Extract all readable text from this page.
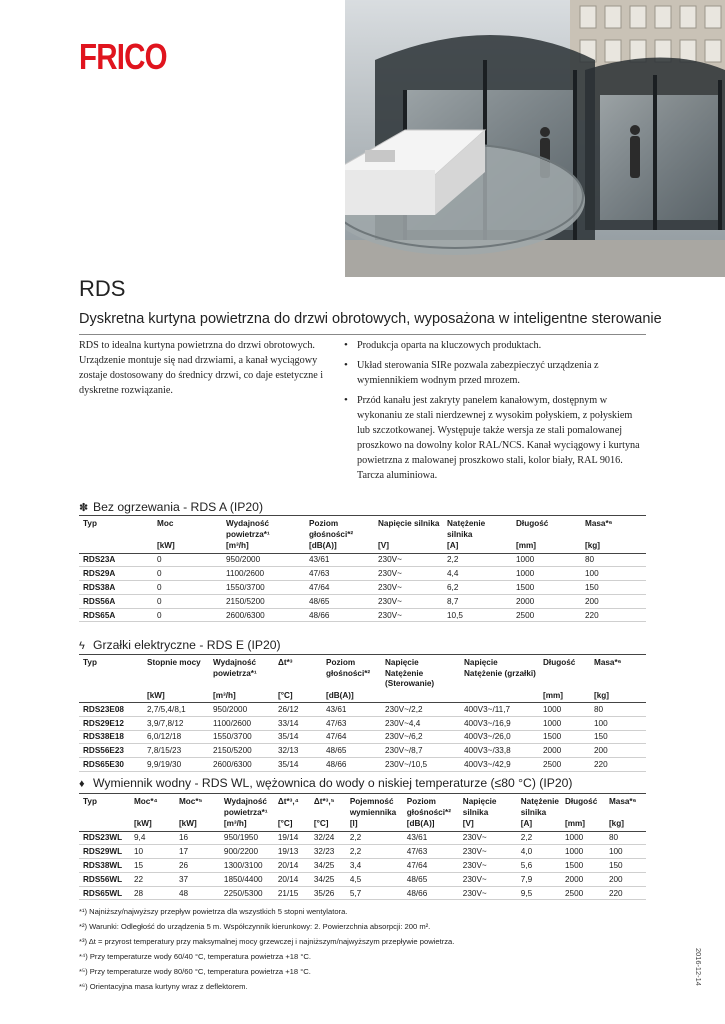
FRICO
RDS
Dyskretna kurtyna powietrzna do drzwi obrotowych, wyposażona w inteligentne sterowanie
RDS to idealna kurtyna powietrzna do drzwi obrotowych. Urządzenie montuje się nad drzwiami, a kanał wyciągowy zostaje dostosowany do średnicy drzwi, co daje estetyczne i dyskretne rozwiązanie.
• Produkcja oparta na kluczowych produktach.
• Układ sterowania SIRe pozwala zabezpieczyć urządzenia z wymiennikiem wodnym przed mrozem.
• Przód kanału jest zakryty panelem kanałowym, dostępnym w wykonaniu ze stali nierdzewnej z wysokim połyskiem, z połyskiem lub szczotkowanej. Występuje także wersja ze stali pomalowanej proszkowo na dowolny kolor RAL/NCS. Kanał wyciągowy i kurtyna powietrzna z malowanej proszkowo stali, kolor biały, RAL 9016. Tarcza aluminiowa.
✽ Bez ogrzewania - RDS A (IP20)
Typ	Moc	Wydajność powietrza*¹	Poziom głośności*²	Napięcie silnika	Natężenie silnika	Długość	Masa*⁶
	[kW]	[m³/h]	[dB(A)]	[V]	[A]	[mm]	[kg]
RDS23A	0	950/2000	43/61	230V~	2,2	1000	80
RDS29A	0	1100/2600	47/63	230V~	4,4	1000	100
RDS38A	0	1550/3700	47/64	230V~	6,2	1500	150
RDS56A	0	2150/5200	48/65	230V~	8,7	2000	200
RDS65A	0	2600/6300	48/66	230V~	10,5	2500	220
ϟ Grzałki elektryczne - RDS E (IP20)
Typ	Stopnie mocy	Wydajność powietrza*¹	Δt*³	Poziom głośności*²	Napięcie Natężenie (Sterowanie)	Napięcie Natężenie (grzałki)	Długość	Masa*⁶
	[kW]	[m³/h]	[°C]	[dB(A)]			[mm]	[kg]
RDS23E08	2,7/5,4/8,1	950/2000	26/12	43/61	230V~/2,2	400V3~/11,7	1000	80
RDS29E12	3,9/7,8/12	1100/2600	33/14	47/63	230V~4,4	400V3~/16,9	1000	100
RDS38E18	6,0/12/18	1550/3700	35/14	47/64	230V~/6,2	400V3~/26,0	1500	150
RDS56E23	7,8/15/23	2150/5200	32/13	48/65	230V~/8,7	400V3~/33,8	2000	200
RDS65E30	9,9/19/30	2600/6300	35/14	48/66	230V~/10,5	400V3~/42,9	2500	220
♦ Wymiennik wodny - RDS WL, wężownica do wody o niskiej temperaturze (≤80 °C) (IP20)
Typ	Moc*⁴	Moc*⁵	Wydajność powietrza*¹	Δt*³,⁴	Δt*³,⁵	Pojemność wymiennika	Poziom głośności*²	Napięcie silnika	Natężenie silnika	Długość	Masa*⁶
	[kW]	[kW]	[m³/h]	[°C]	[°C]	[l]	[dB(A)]	[V]	[A]	[mm]	[kg]
RDS23WL	9,4	16	950/1950	19/14	32/24	2,2	43/61	230V~	2,2	1000	80
RDS29WL	10	17	900/2200	19/13	32/23	2,2	47/63	230V~	4,0	1000	100
RDS38WL	15	26	1300/3100	20/14	34/25	3,4	47/64	230V~	5,6	1500	150
RDS56WL	22	37	1850/4400	20/14	34/25	4,5	48/65	230V~	7,9	2000	200
RDS65WL	28	48	2250/5300	21/15	35/26	5,7	48/66	230V~	9,5	2500	220
*¹) Najniższy/najwyższy przepływ powietrza dla wszystkich 5 stopni wentylatora.
*²) Warunki: Odległość do urządzenia 5 m. Współczynnik kierunkowy: 2. Powierzchnia absorpcji: 200 m².
*³) Δt = przyrost temperatury przy maksymalnej mocy grzewczej i najniższym/najwyższym przepływie powietrza.
*⁴) Przy temperaturze wody 60/40 °C, temperatura powietrza +18 °C.
*⁵) Przy temperaturze wody 80/60 °C, temperatura powietrza +18 °C.
*⁶) Orientacyjna masa kurtyny wraz z deflektorem.
2016-12-14
